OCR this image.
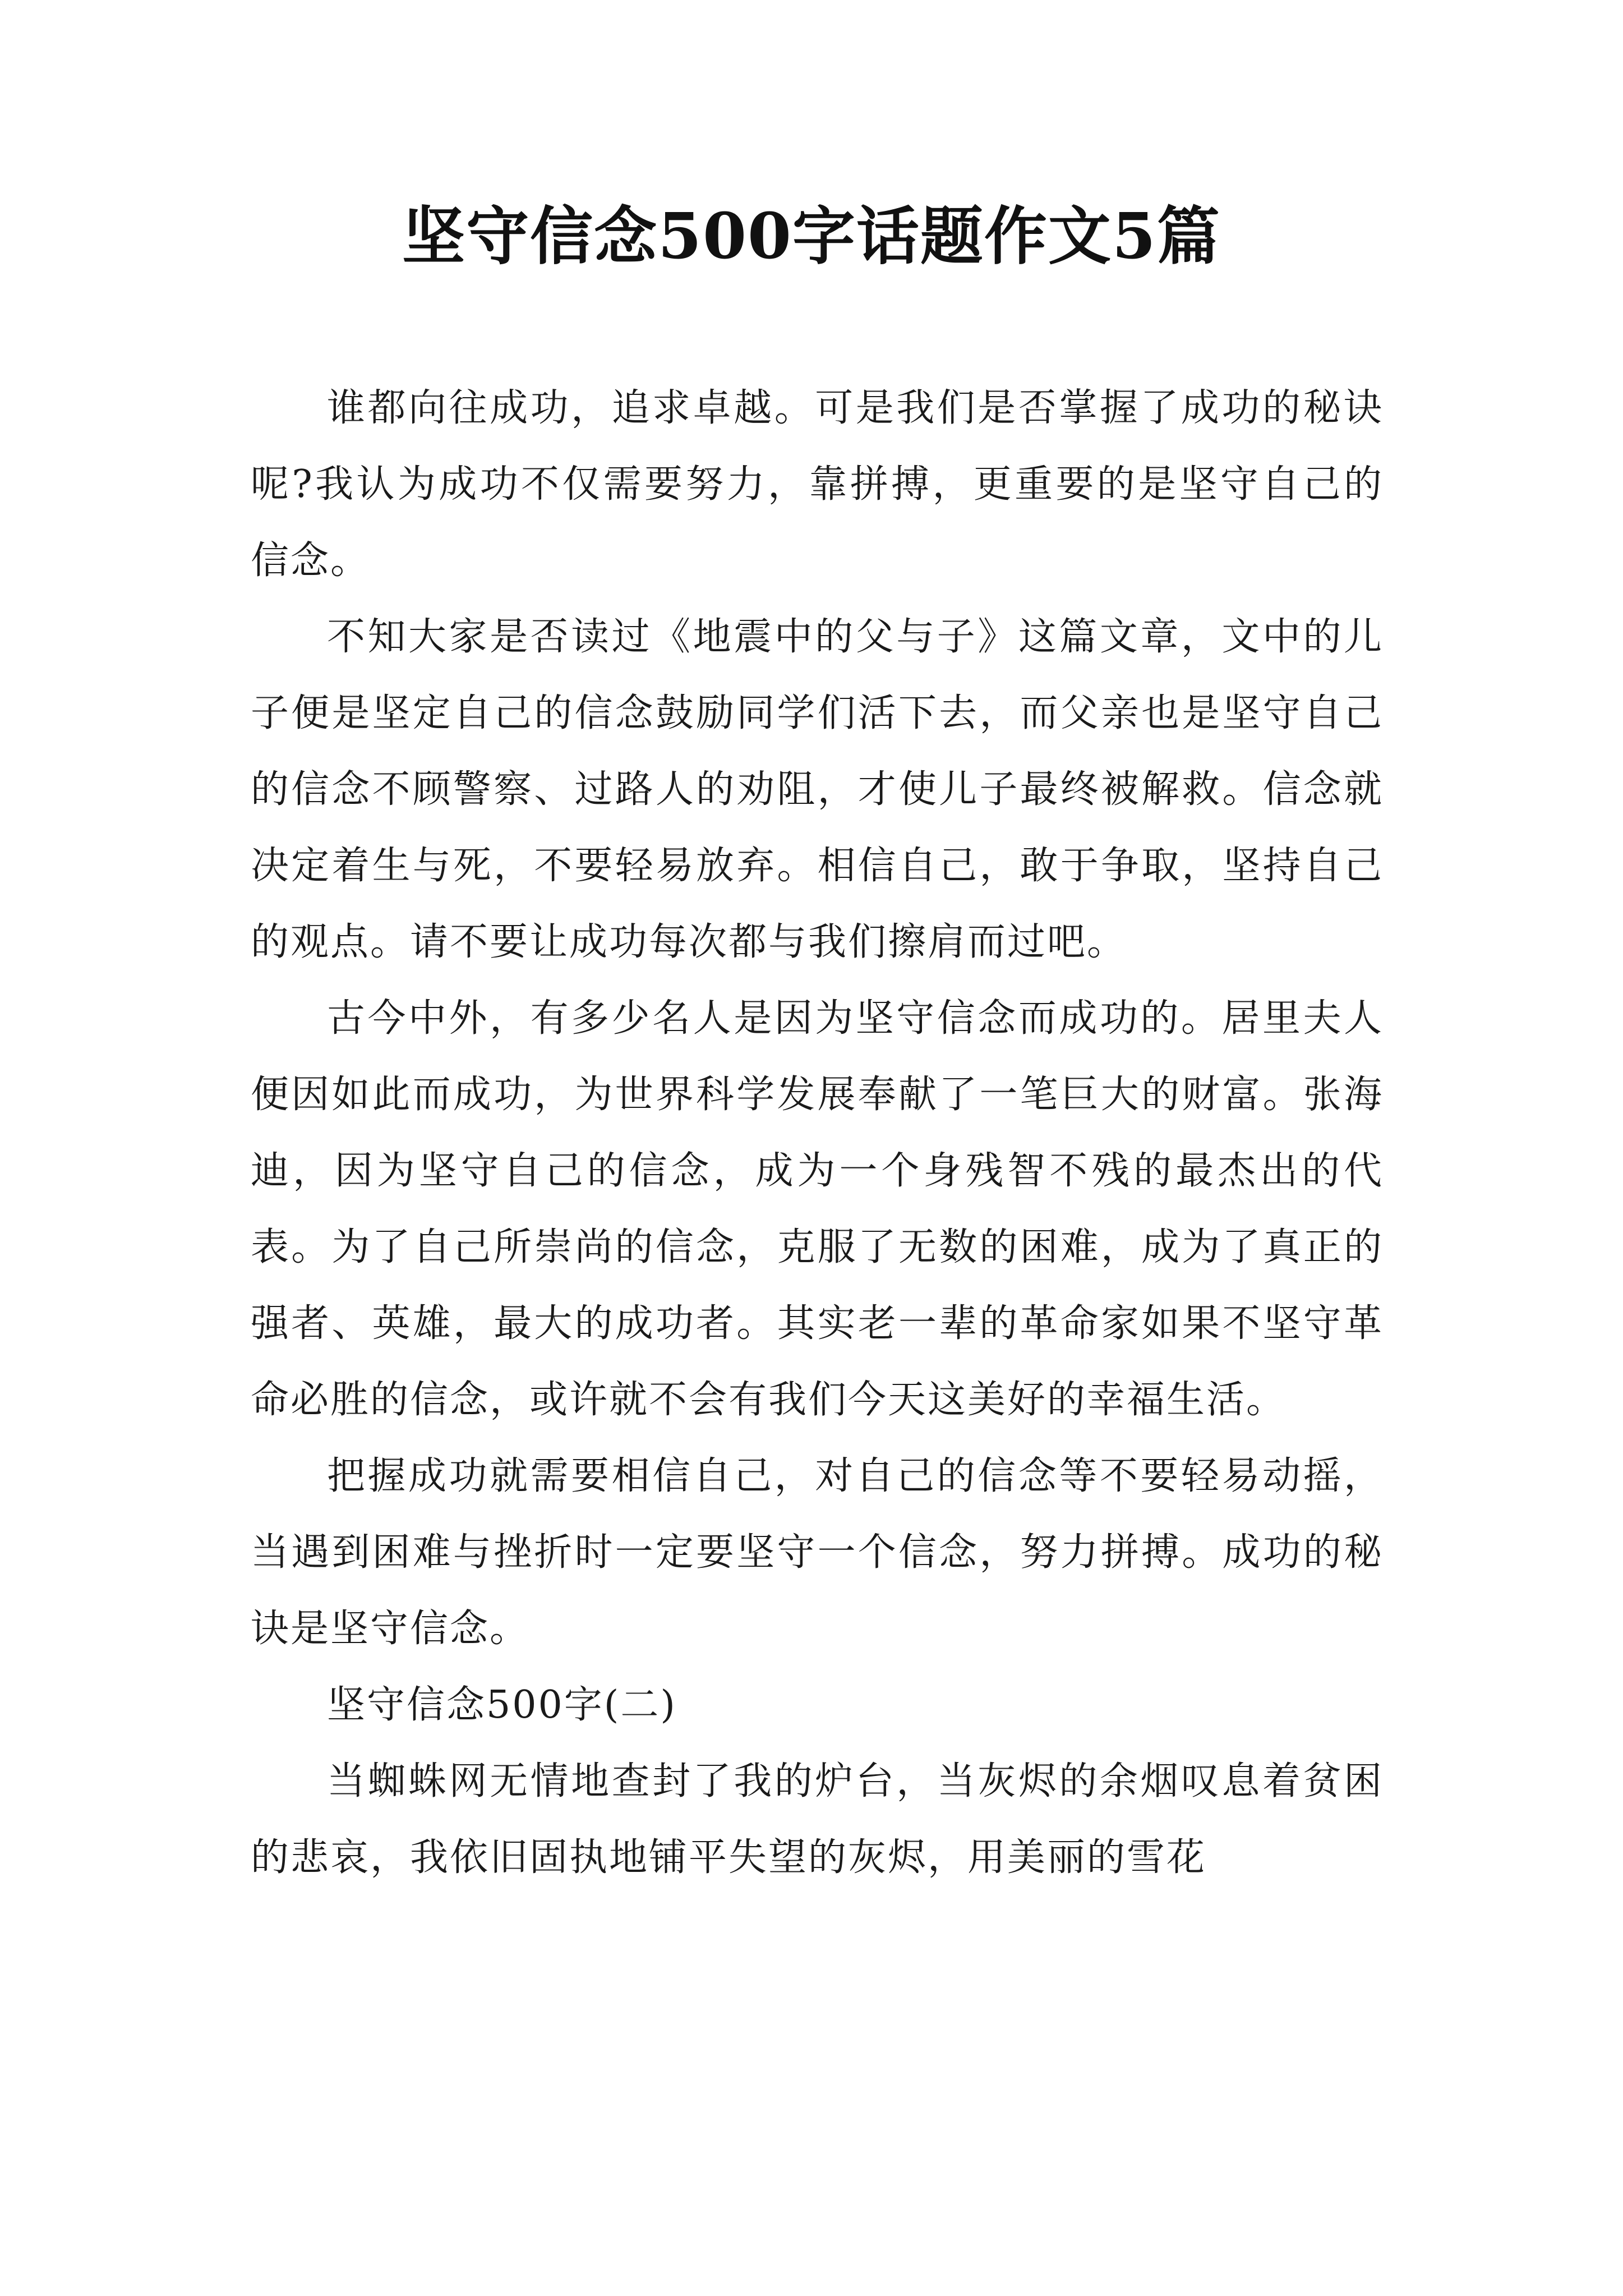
坚守信念500字话题作文5篇

谁都向往成功，追求卓越。可是我们是否掌握了成功的秘诀呢?我认为成功不仅需要努力，靠拼搏，更重要的是坚守自己的信念。

不知大家是否读过《地震中的父与子》这篇文章，文中的儿子便是坚定自己的信念鼓励同学们活下去，而父亲也是坚守自己的信念不顾警察、过路人的劝阻，才使儿子最终被解救。信念就决定着生与死，不要轻易放弃。相信自己，敢于争取，坚持自己的观点。请不要让成功每次都与我们擦肩而过吧。

古今中外，有多少名人是因为坚守信念而成功的。居里夫人便因如此而成功，为世界科学发展奉献了一笔巨大的财富。张海迪，因为坚守自己的信念，成为一个身残智不残的最杰出的代表。为了自己所崇尚的信念，克服了无数的困难，成为了真正的强者、英雄，最大的成功者。其实老一辈的革命家如果不坚守革命必胜的信念，或许就不会有我们今天这美好的幸福生活。

把握成功就需要相信自己，对自己的信念等不要轻易动摇，当遇到困难与挫折时一定要坚守一个信念，努力拼搏。成功的秘诀是坚守信念。

坚守信念500字(二)

当蜘蛛网无情地查封了我的炉台，当灰烬的余烟叹息着贫困的悲哀，我依旧固执地铺平失望的灰烬，用美丽的雪花
